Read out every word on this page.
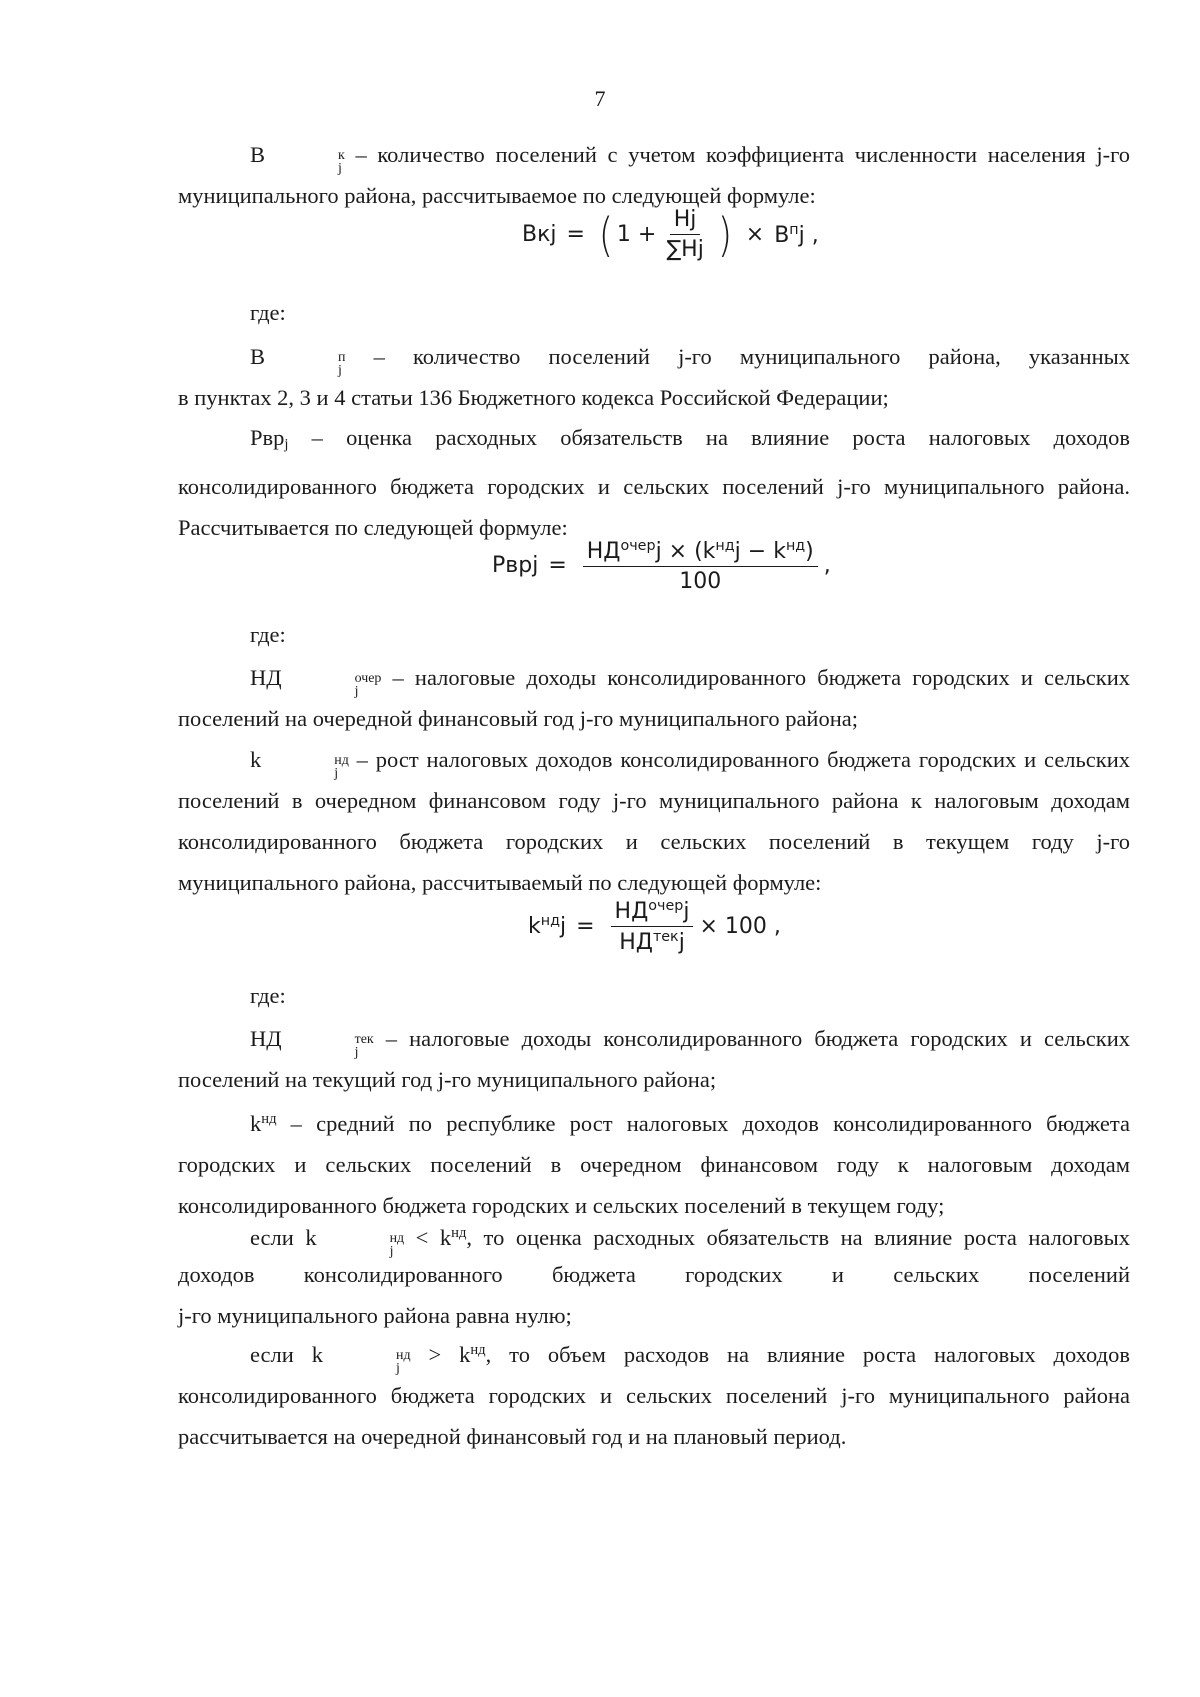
7
В	к
j
– количество поселений с учетом коэффициента численности населения j-го муниципального района, рассчитываемое по следующей формуле:
Вкj = ( $1 + \frac{Нj}{\sum Нj}$ ) × $В^пj$ ,
где:
В	п
j
– количество поселений j-го муниципального района, указанных
в пунктах 2, 3 и 4 статьи 136 Бюджетного кодекса Российской Федерации;
Рвр$_j$ – оценка расходных обязательств на влияние роста налоговых доходов консолидированного бюджета городских и сельских поселений j-го муниципального района. Рассчитывается по следующей формуле:
Рврj = $\frac{НД^{очер}j \times (k^{нд}j - k^{нд})}{100}$ ,
где:
НД	очер
j
– налоговые доходы консолидированного бюджета городских и сельских поселений на очередной финансовый год j-го муниципального района;
k	нд
j
– рост налоговых доходов консолидированного бюджета городских и сельских поселений в очередном финансовом году j-го муниципального района к налоговым доходам консолидированного бюджета городских и сельских поселений в текущем году j-го муниципального района, рассчитываемый по следующей формуле:
$k^{нд}j = \frac{НД^{очер}j}{НД^{тек}j} \times 100$ ,
где:
НД	тек
j
– налоговые доходы консолидированного бюджета городских и сельских поселений на текущий год j-го муниципального района;
$k^{нд}$ – средний по республике рост налоговых доходов консолидированного бюджета городских и сельских поселений в очередном финансовом году к налоговым доходам консолидированного бюджета городских и сельских поселений в текущем году;
если k	нд
j
< $k^{нд}$, то оценка расходных обязательств на влияние роста налоговых
доходов консолидированного бюджета городских и сельских поселений
j-го муниципального района равна нулю;
если k	нд
j
> $k^{нд}$, то объем расходов на влияние роста налоговых доходов консолидированного бюджета городских и сельских поселений j-го муниципального района рассчитывается на очередной финансовый год и на плановый период.
